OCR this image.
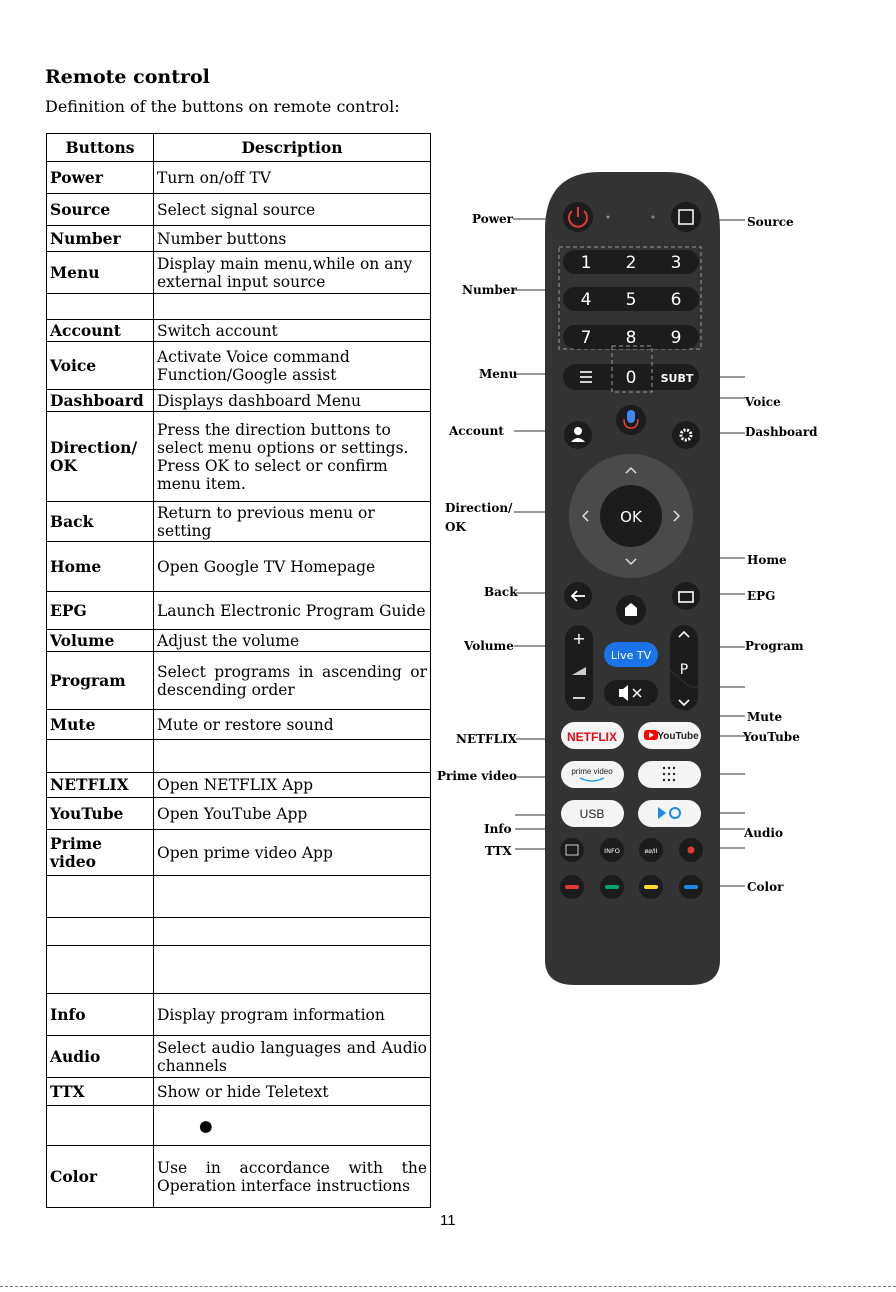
Remote control
Definition of the buttons on remote control:
Buttons	Description
Power	Turn on/off TV
Source	Select signal source
Number	Number buttons
Menu	Display main menu,while on any external input source

Account	Switch account
Voice	Activate Voice command Function/Google assist
Dashboard	Displays dashboard Menu
Direction/ OK	Press the direction buttons to select menu options or settings. Press OK to select or confirm menu item.
Back	Return to previous menu or setting
Home	Open Google TV Homepage
EPG	Launch Electronic Program Guide
Volume	Adjust the volume
Program	Select programs in ascending or descending order
Mute	Mute or restore sound

NETFLIX	Open NETFLIX App
YouTube	Open YouTube App
Prime video	Open prime video App

Info	Display program information
Audio	Select audio languages and Audio channels
TTX	Show or hide Teletext
	●
Color	Use in accordance with the Operation interface instructions
1 2 3
4 5 6
7 8 9
0 SUBT
OK
+
P
Live TV
NETFLIX	YouTube
prime video
USB
INFO	øø/II
Power
Number
Menu
Account
Direction/
OK
Back
Volume
NETFLIX
Prime video
Info
TTX
Source
Voice
Dashboard
Home
EPG
Program
Mute
YouTube
Audio
Color
11
